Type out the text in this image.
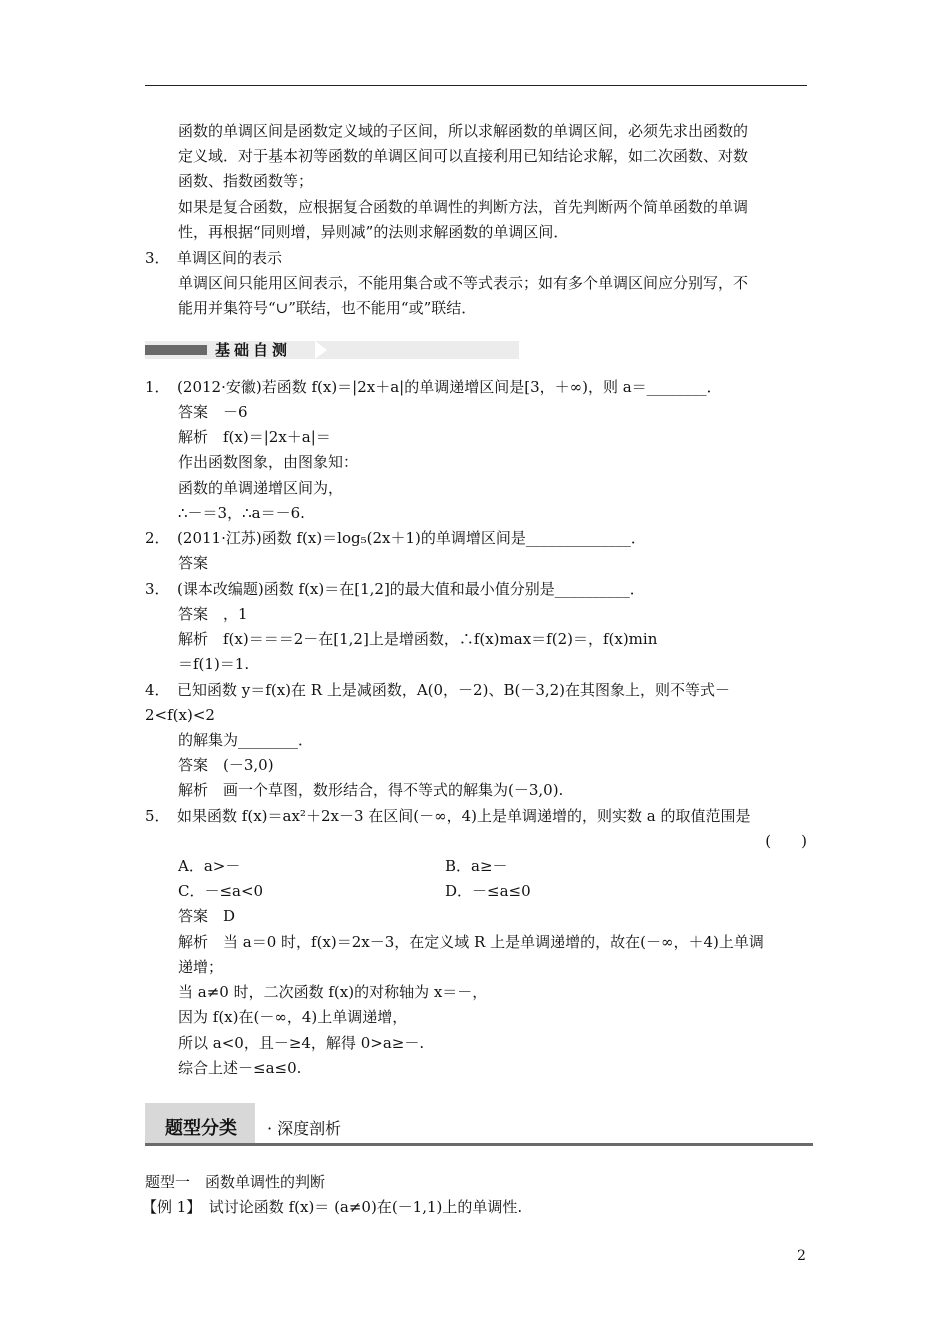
函数的单调区间是函数定义域的子区间，所以求解函数的单调区间，必须先求出函数的
定义域．对于基本初等函数的单调区间可以直接利用已知结论求解，如二次函数、对数
函数、指数函数等；
如果是复合函数，应根据复合函数的单调性的判断方法，首先判断两个简单函数的单调
性，再根据“同则增，异则减”的法则求解函数的单调区间．
3．　单调区间的表示
单调区间只能用区间表示，不能用集合或不等式表示；如有多个单调区间应分别写，不
能用并集符号“∪”联结，也不能用“或”联结．
基础自测
1．　(2012·安徽)若函数 f(x)＝|2x＋a|的单调递增区间是[3，＋∞)，则 a＝________．
答案　－6
解析　f(x)＝|2x＋a|＝
作出函数图象，由图象知：
函数的单调递增区间为，
∴－＝3，∴a＝－6.
2．　(2011·江苏)函数 f(x)＝log₅(2x＋1)的单调增区间是______________．
答案
3．　(课本改编题)函数 f(x)＝在[1,2]的最大值和最小值分别是__________．
答案　，1
解析　f(x)＝＝＝2－在[1,2]上是增函数，∴f(x)max＝f(2)＝，f(x)min
＝f(1)＝1.
4．　已知函数 y＝f(x)在 R 上是减函数，A(0，－2)、B(－3,2)在其图象上，则不等式－
2<f(x)<2
的解集为________．
答案　(－3,0)
解析　画一个草图，数形结合，得不等式的解集为(－3,0).
5．　如果函数 f(x)＝ax²＋2x－3 在区间(－∞，4)上是单调递增的，则实数 a 的取值范围是
(　　)
A．a>－	B．a≥－
C．－≤a<0	D．－≤a≤0
答案　D
解析　当 a＝0 时，f(x)＝2x－3，在定义域 R 上是单调递增的，故在(－∞，＋4)上单调
递增；
当 a≠0 时，二次函数 f(x)的对称轴为 x＝－，
因为 f(x)在(－∞，4)上单调递增，
所以 a<0，且－≥4，解得 0>a≥－.
综合上述－≤a≤0.
题型分类 · 深度剖析
题型一　函数单调性的判断
【例 1】　试讨论函数 f(x)＝ (a≠0)在(－1,1)上的单调性.
2
